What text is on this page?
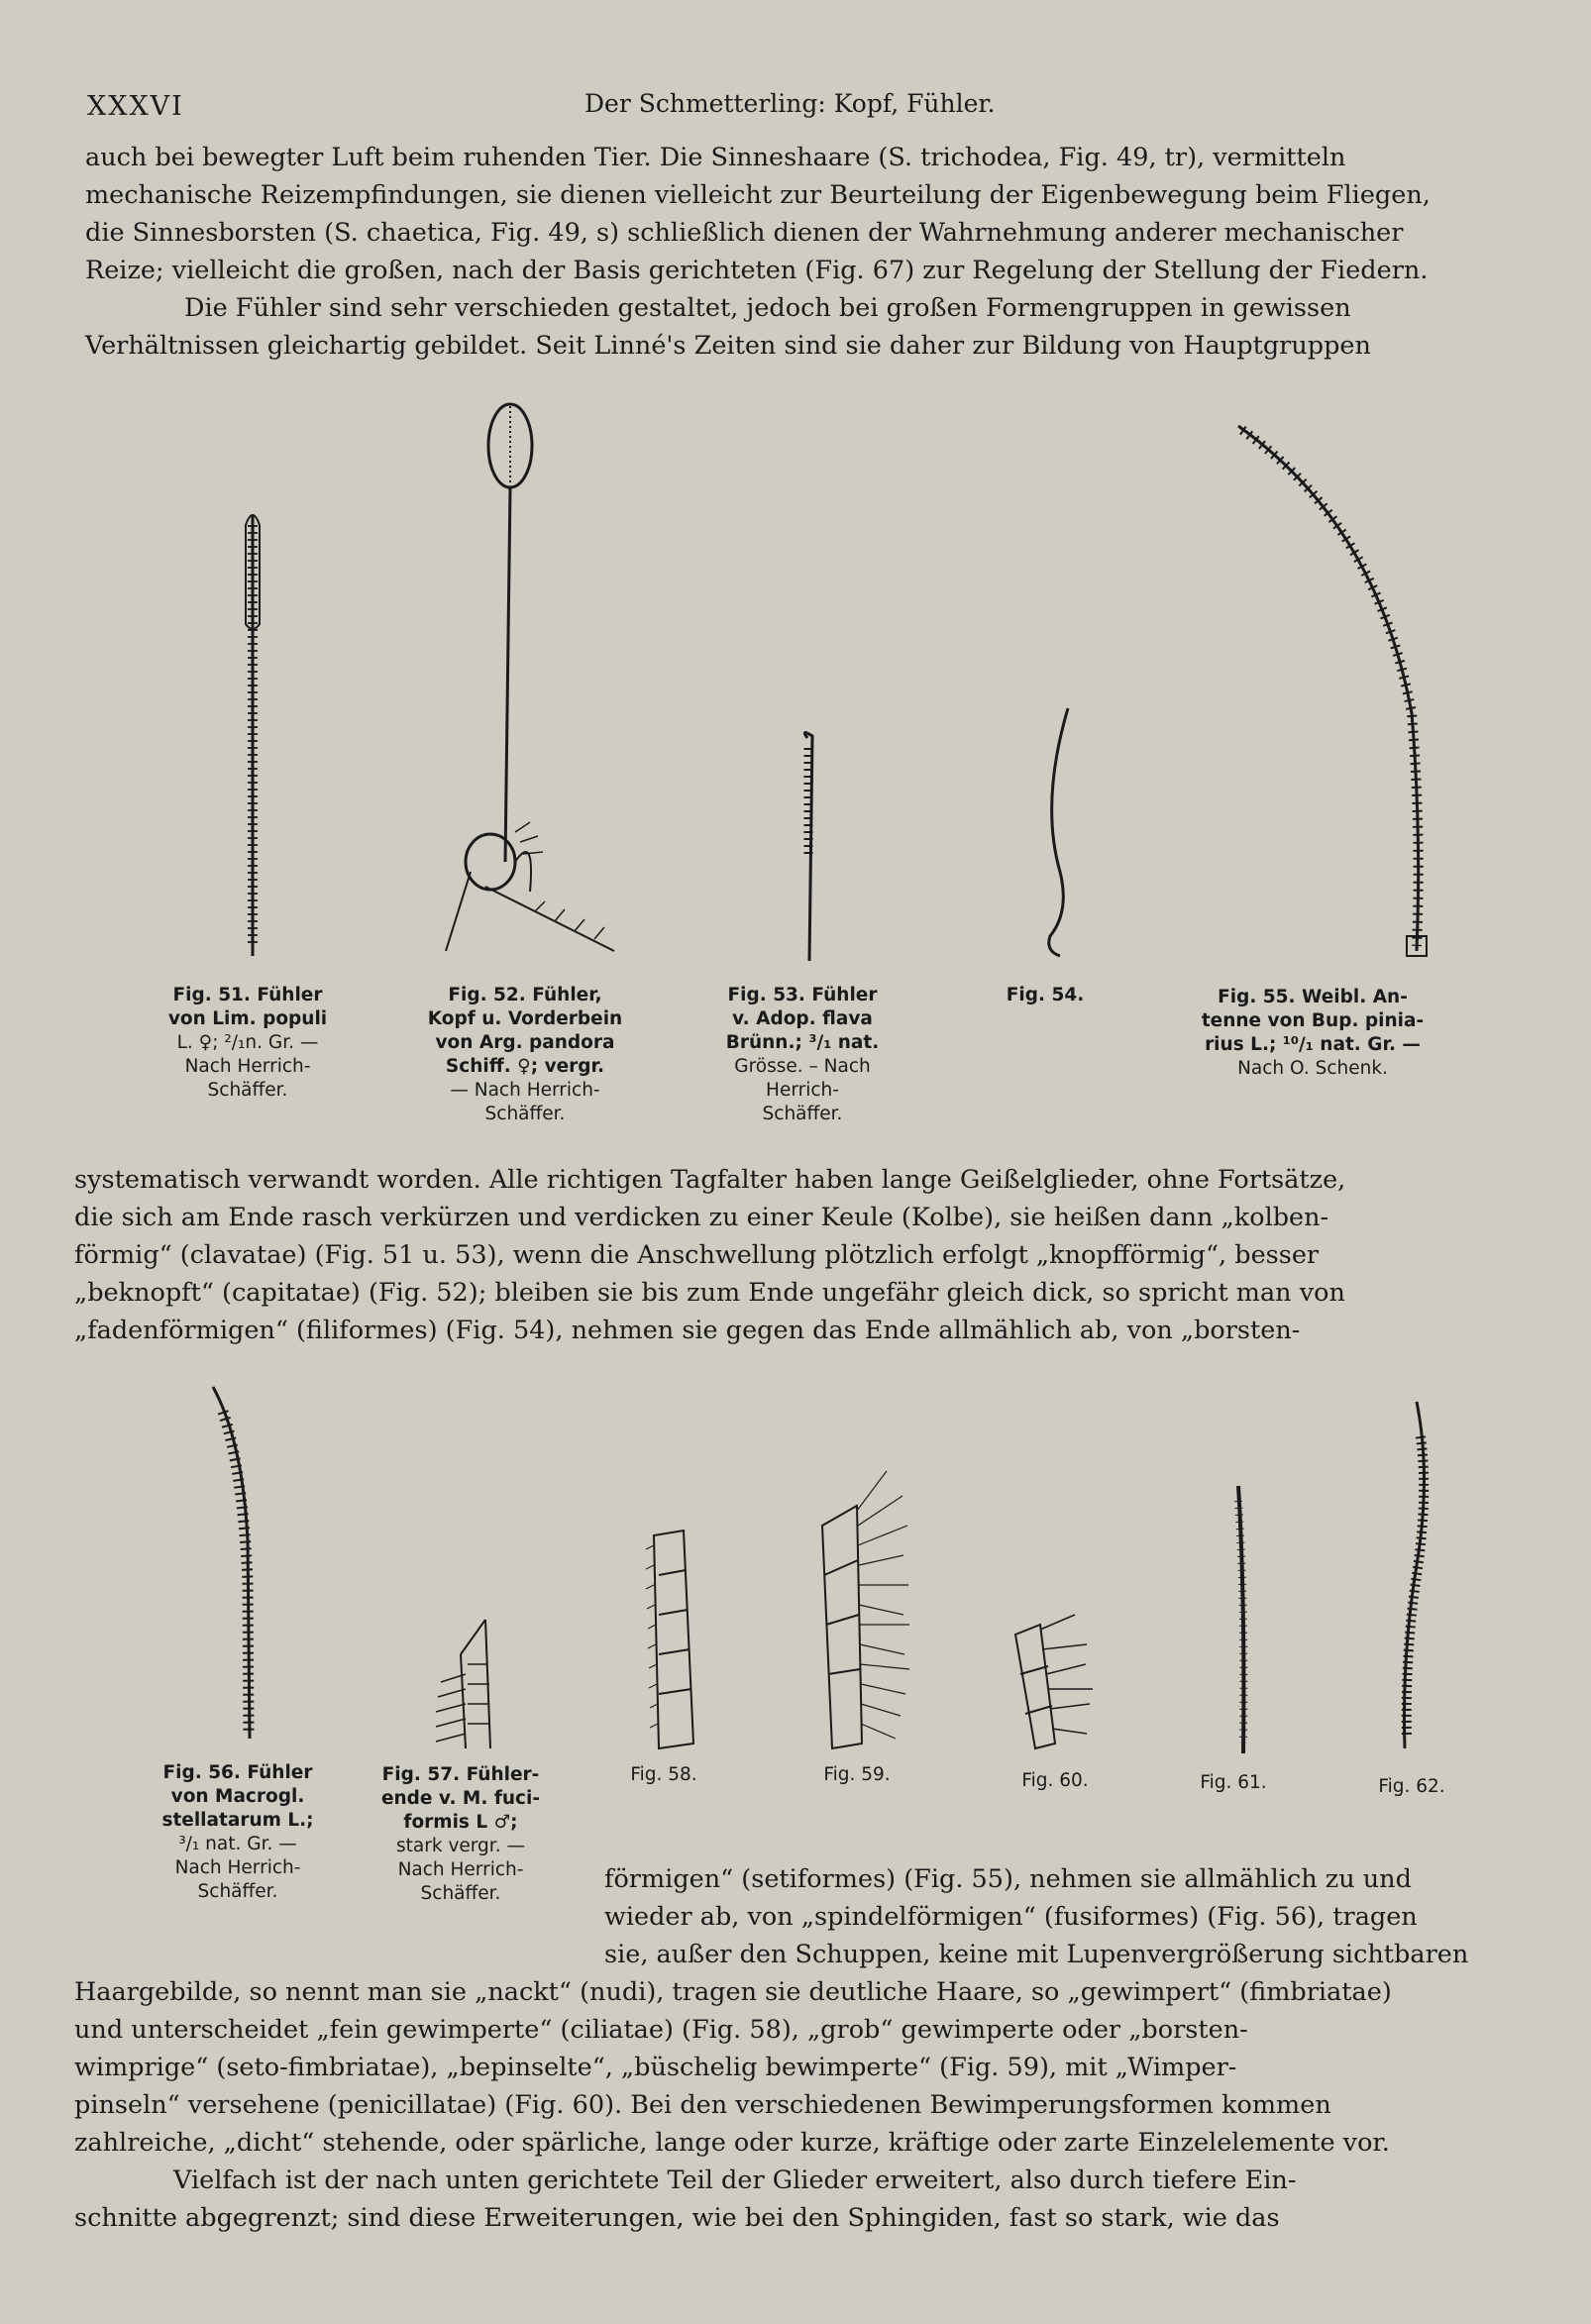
XXXVI	Der Schmetterling: Kopf, Fühler.
auch bei bewegter Luft beim ruhenden Tier. Die Sinneshaare (S. trichodea, Fig. 49, tr), vermitteln
mechanische Reizempfindungen, sie dienen vielleicht zur Beurteilung der Eigenbewegung beim Fliegen,
die Sinnesborsten (S. chaetica, Fig. 49, s) schließlich dienen der Wahrnehmung anderer mechanischer
Reize; vielleicht die großen, nach der Basis gerichteten (Fig. 67) zur Regelung der Stellung der Fiedern.
Die Fühler sind sehr verschieden gestaltet, jedoch bei großen Formengruppen in gewissen
Verhältnissen gleichartig gebildet. Seit Linné's Zeiten sind sie daher zur Bildung von Hauptgruppen
Fig. 51. Fühler
von Lim. populi
L. ♀; ²/₁n. Gr. —
Nach Herrich-
Schäffer.
Fig. 52. Fühler,
Kopf u. Vorderbein
von Arg. pandora
Schiff. ♀; vergr.
— Nach Herrich-
Schäffer.
Fig. 53. Fühler
v. Adop. flava
Brünn.; ³/₁ nat.
Grösse. – Nach
Herrich-
Schäffer.
Fig. 54.	Fig. 55. Weibl. An-
tenne von Bup. pinia-
rius L.; ¹⁰/₁ nat. Gr. —
Nach O. Schenk.
systematisch verwandt worden. Alle richtigen Tagfalter haben lange Geißelglieder, ohne Fortsätze,
die sich am Ende rasch verkürzen und verdicken zu einer Keule (Kolbe), sie heißen dann „kolben-
förmig“ (clavatae) (Fig. 51 u. 53), wenn die Anschwellung plötzlich erfolgt „knopfförmig“, besser
„beknopft“ (capitatae) (Fig. 52); bleiben sie bis zum Ende ungefähr gleich dick, so spricht man von
„fadenförmigen“ (filiformes) (Fig. 54), nehmen sie gegen das Ende allmählich ab, von „borsten-
Fig. 56. Fühler
von Macrogl.
stellatarum L.;
³/₁ nat. Gr. —
Nach Herrich-
Schäffer.
Fig. 57. Fühler-
ende v. M. fuci-
formis L ♂;
stark vergr. —
Nach Herrich-
Schäffer.
Fig. 58.	Fig. 59.	Fig. 60.	Fig. 61.	Fig. 62.
förmigen“ (setiformes) (Fig. 55), nehmen sie allmählich zu und
wieder ab, von „spindelförmigen“ (fusiformes) (Fig. 56), tragen
sie, außer den Schuppen, keine mit Lupenvergrößerung sichtbaren
Haargebilde, so nennt man sie „nackt“ (nudi), tragen sie deutliche Haare, so „gewimpert“ (fimbriatae)
und unterscheidet „fein gewimperte“ (ciliatae) (Fig. 58), „grob“ gewimperte oder „borsten-
wimprige“ (seto-fimbriatae), „bepinselte“, „büschelig bewimperte“ (Fig. 59), mit „Wimper-
pinseln“ versehene (penicillatae) (Fig. 60). Bei den verschiedenen Bewimperungsformen kommen
zahlreiche, „dicht“ stehende, oder spärliche, lange oder kurze, kräftige oder zarte Einzelelemente vor.
Vielfach ist der nach unten gerichtete Teil der Glieder erweitert, also durch tiefere Ein-
schnitte abgegrenzt; sind diese Erweiterungen, wie bei den Sphingiden, fast so stark, wie das
